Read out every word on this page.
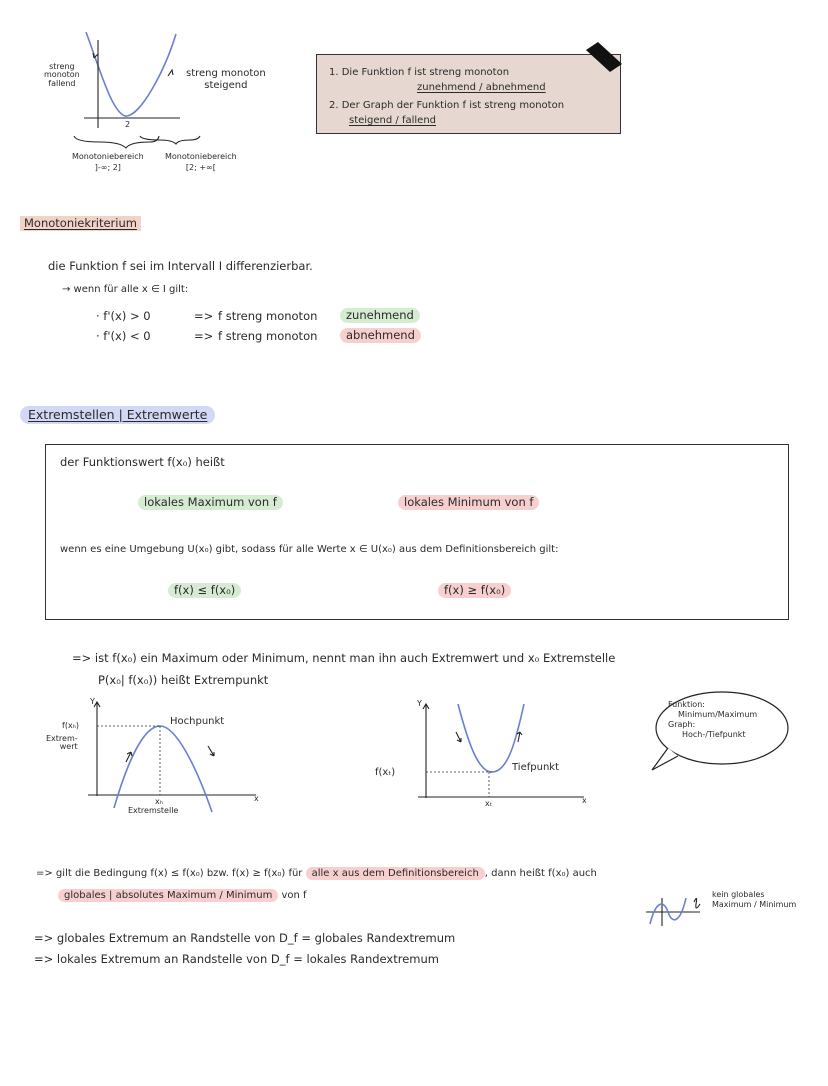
streng
monoton
fallend
2
streng monoton
steigend
Monotoniebereich
]-∞; 2]
Monotoniebereich
[2; +∞[
1. Die Funktion f ist streng monoton
zunehmend / abnehmend
2. Der Graph der Funktion f ist streng monoton
steigend / fallend
Monotoniekriterium
die Funktion f sei im Intervall I differenzierbar.
→ wenn für alle x ∈ I gilt:
· f'(x) > 0	=> f streng monoton	zunehmend
· f'(x) < 0	=> f streng monoton	abnehmend
Extremstellen | Extremwerte
der Funktionswert f(x₀) heißt
lokales Maximum von f	lokales Minimum von f
wenn es eine Umgebung U(x₀) gibt, sodass für alle Werte x ∈ U(x₀) aus dem Definitionsbereich gilt:
f(x) ≤ f(x₀)	f(x) ≥ f(x₀)
=> ist f(x₀) ein Maximum oder Minimum, nennt man ihn auch Extremwert und x₀ Extremstelle
P(x₀| f(x₀)) heißt Extrempunkt
Y
x
f(xₕ)
Extrem-
wert
Hochpunkt
xₕ
Extremstelle
Y
x
f(xₜ)	Tiefpunkt
xₜ
Funktion:
Minimum/Maximum
Graph:
Hoch-/Tiefpunkt
=> gilt die Bedingung f(x) ≤ f(x₀) bzw. f(x) ≥ f(x₀) für alle x aus dem Definitionsbereich , dann heißt f(x₀) auch
globales | absolutes Maximum / Minimum von f	kein globales
Maximum / Minimum
=> globales Extremum an Randstelle von D_f = globales Randextremum
=> lokales Extremum an Randstelle von D_f = lokales Randextremum
